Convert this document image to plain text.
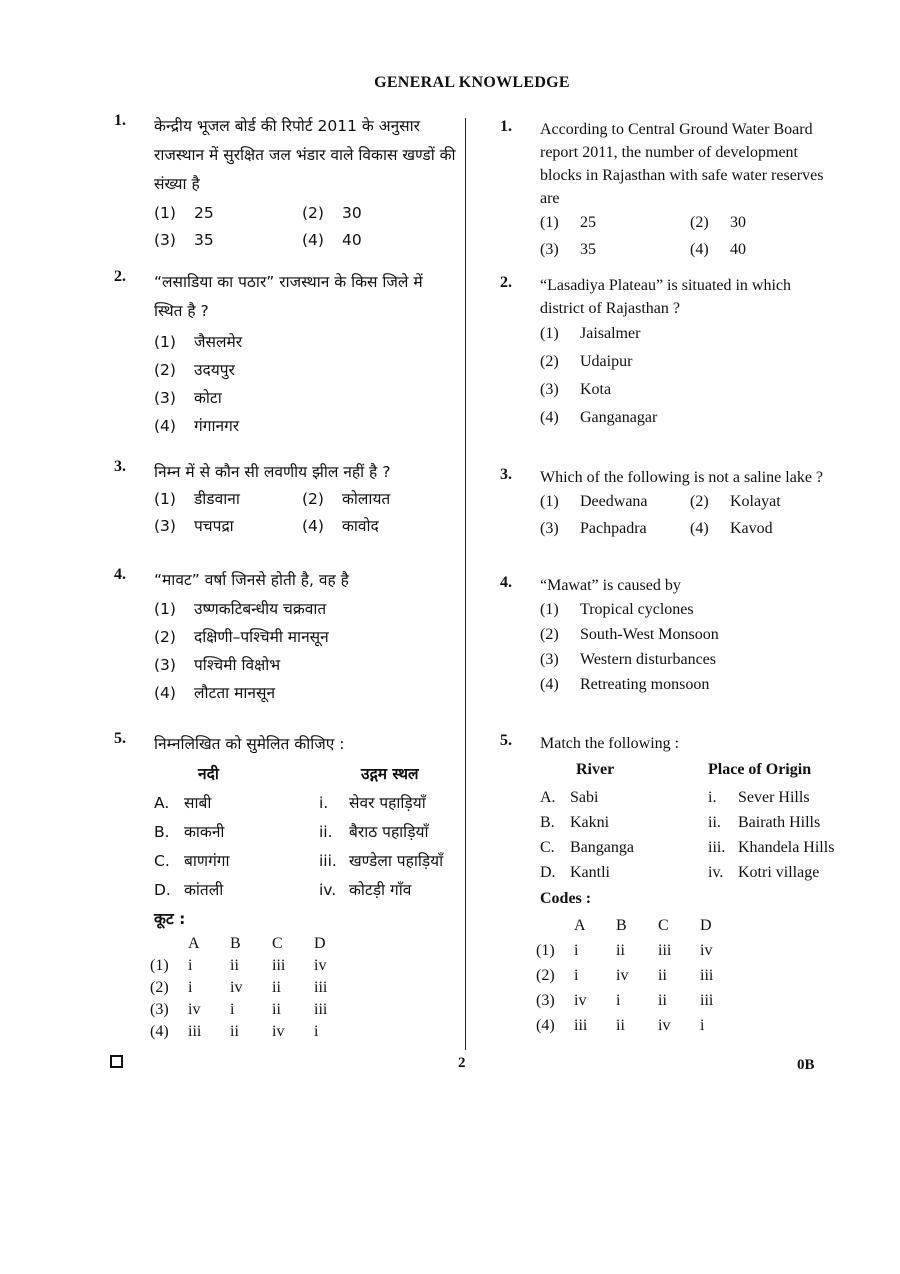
GENERAL KNOWLEDGE
1.	केन्द्रीय भूजल बोर्ड की रिपोर्ट 2011 के अनुसार राजस्थान में सुरक्षित जल भंडार वाले विकास खण्डों की संख्या है
(1) 25	(2) 30
(3) 35	(4) 40
2.	“लसाडिया का पठार” राजस्थान के किस जिले में स्थित है ?
(1) जैसलमेर
(2) उदयपुर
(3) कोटा
(4) गंगानगर
3.	निम्न में से कौन सी लवणीय झील नहीं है ?
(1) डीडवाना	(2) कोलायत
(3) पचपद्रा	(4) कावोद
4.	“मावट” वर्षा जिनसे होती है, वह है
(1) उष्णकटिबन्धीय चक्रवात
(2) दक्षिणी–पश्चिमी मानसून
(3) पश्चिमी विक्षोभ
(4) लौटता मानसून
5.	निम्नलिखित को सुमेलित कीजिए :
नदी	उद्गम स्थल
A. साबी	i. सेवर पहाड़ियाँ
B. काकनी	ii. बैराठ पहाड़ियाँ
C. बाणगंगा	iii. खण्डेला पहाड़ियाँ
D. कांतली	iv. कोटड़ी गाँव
कूट :
	A	B	C	D
(1)	i	ii	iii	iv
(2)	i	iv	ii	iii
(3)	iv	i	ii	iii
(4)	iii	ii	iv	i
1.	According to Central Ground Water Board report 2011, the number of development blocks in Rajasthan with safe water reserves are
(1) 25	(2) 30
(3) 35	(4) 40
2.	“Lasadiya Plateau” is situated in which district of Rajasthan ?
(1) Jaisalmer
(2) Udaipur
(3) Kota
(4) Ganganagar
3.	Which of the following is not a saline lake ?
(1) Deedwana	(2) Kolayat
(3) Pachpadra	(4) Kavod
4.	“Mawat” is caused by
(1) Tropical cyclones
(2) South-West Monsoon
(3) Western disturbances
(4) Retreating monsoon
5.	Match the following :
River	Place of Origin
A. Sabi	i. Sever Hills
B. Kakni	ii. Bairath Hills
C. Banganga	iii. Khandela Hills
D. Kantli	iv. Kotri village
Codes :
	A	B	C	D
(1)	i	ii	iii	iv
(2)	i	iv	ii	iii
(3)	iv	i	ii	iii
(4)	iii	ii	iv	i
2	0B
